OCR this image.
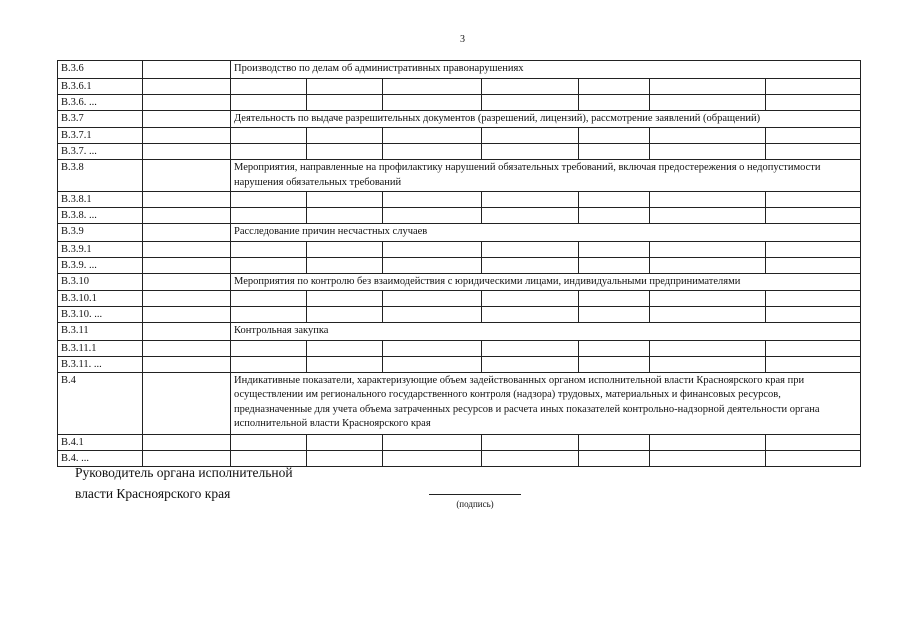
3
B.3.6		Производство по делам об административных правонарушениях						
B.3.6.1								
B.3.6. ...								
B.3.7		Деятельность по выдаче разрешительных документов (разрешений, лицензий), рассмотрение заявлений (обращений)						
B.3.7.1								
B.3.7. ...								
B.3.8		Мероприятия, направленные на профилактику нарушений обязательных требований, включая предостережения о недопустимости нарушения обязательных требований						
B.3.8.1								
B.3.8. ...								
B.3.9		Расследование причин несчастных случаев						
B.3.9.1								
B.3.9. ...								
B.3.10		Мероприятия по контролю без взаимодействия с юридическими лицами, индивидуальными предпринимателями						
B.3.10.1								
B.3.10. ...								
B.3.11		Контрольная закупка						
B.3.11.1								
B.3.11. ...								
B.4		Индикативные показатели, характеризующие объем задействованных органом исполнительной власти Красноярского края при осуществлении им регионального государственного контроля (надзора) трудовых, материальных и финансовых ресурсов, предназначенные для учета объема затраченных ресурсов и расчета иных показателей контрольно-надзорной деятельности органа исполнительной власти Красноярского края						
B.4.1								
B.4. ...								
Руководитель органа исполнительной
власти Красноярского края
(подпись)
